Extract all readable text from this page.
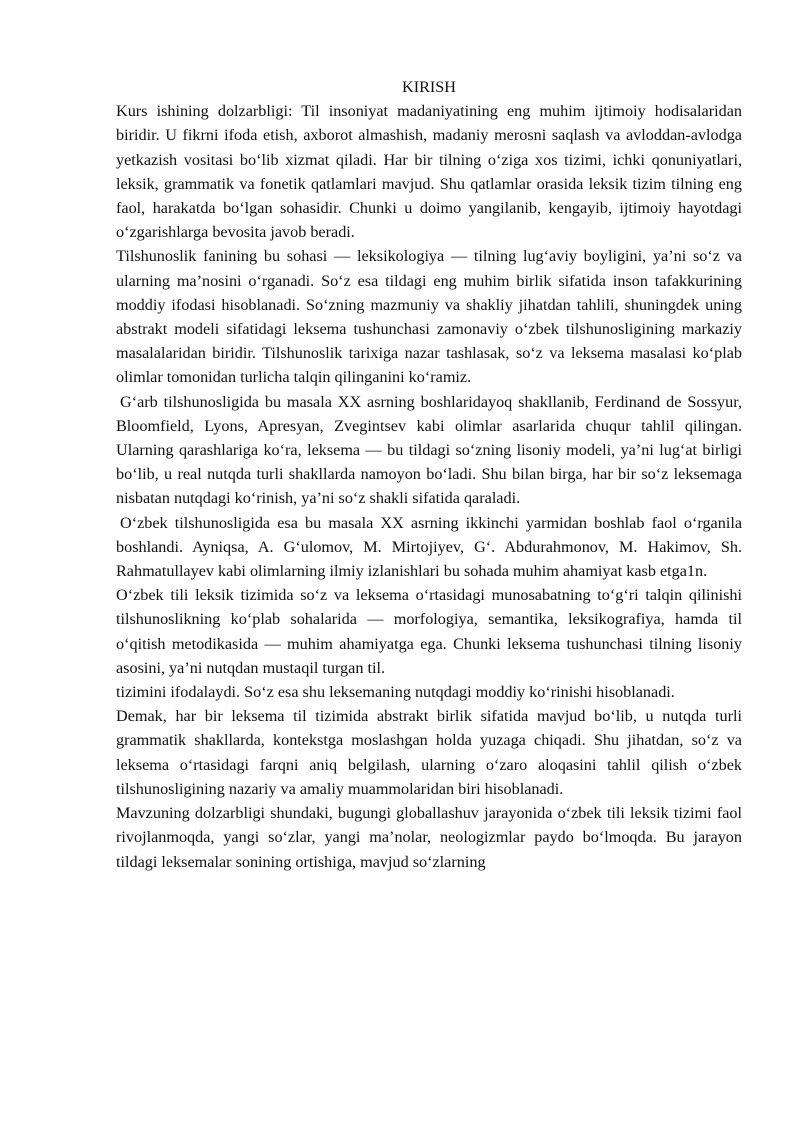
KIRISH

Kurs ishining dolzarbligi: Til insoniyat madaniyatining eng muhim ijtimoiy hodisalaridan biridir. U fikrni ifoda etish, axborot almashish, madaniy merosni saqlash va avloddan-avlodga yetkazish vositasi bo‘lib xizmat qiladi. Har bir tilning o‘ziga xos tizimi, ichki qonuniyatlari, leksik, grammatik va fonetik qatlamlari mavjud. Shu qatlamlar orasida leksik tizim tilning eng faol, harakatda bo‘lgan sohasidir. Chunki u doimo yangilanib, kengayib, ijtimoiy hayotdagi o‘zgarishlarga bevosita javob beradi.

Tilshunoslik fanining bu sohasi — leksikologiya — tilning lug‘aviy boyligini, ya’ni so‘z va ularning ma’nosini o‘rganadi. So‘z esa tildagi eng muhim birlik sifatida inson tafakkurining moddiy ifodasi hisoblanadi. So‘zning mazmuniy va shakliy jihatdan tahlili, shuningdek uning abstrakt modeli sifatidagi leksema tushunchasi zamonaviy o‘zbek tilshunosligining markaziy masalalaridan biridir. Tilshunoslik tarixiga nazar tashlasak, so‘z va leksema masalasi ko‘plab olimlar tomonidan turlicha talqin qilinganini ko‘ramiz.

G‘arb tilshunosligida bu masala XX asrning boshlaridayoq shakllanib, Ferdinand de Sossyur, Bloomfield, Lyons, Apresyan, Zvegintsev kabi olimlar asarlarida chuqur tahlil qilingan. Ularning qarashlariga ko‘ra, leksema — bu tildagi so‘zning lisoniy modeli, ya’ni lug‘at birligi bo‘lib, u real nutqda turli shakllarda namoyon bo‘ladi. Shu bilan birga, har bir so‘z leksemaga nisbatan nutqdagi ko‘rinish, ya’ni so‘z shakli sifatida qaraladi.

O‘zbek tilshunosligida esa bu masala XX asrning ikkinchi yarmidan boshlab faol o‘rganila boshlandi. Ayniqsa, A. G‘ulomov, M. Mirtojiyev, G‘. Abdurahmonov, M. Hakimov, Sh. Rahmatullayev kabi olimlarning ilmiy izlanishlari bu sohada muhim ahamiyat kasb etga1n.

O‘zbek tili leksik tizimida so‘z va leksema o‘rtasidagi munosabatning to‘g‘ri talqin qilinishi tilshunoslikning ko‘plab sohalarida — morfologiya, semantika, leksikografiya, hamda til o‘qitish metodikasida — muhim ahamiyatga ega. Chunki leksema tushunchasi tilning lisoniy asosini, ya’ni nutqdan mustaqil turgan til.

tizimini ifodalaydi. So‘z esa shu leksemaning nutqdagi moddiy ko‘rinishi hisoblanadi.

Demak, har bir leksema til tizimida abstrakt birlik sifatida mavjud bo‘lib, u nutqda turli grammatik shakllarda, kontekstga moslashgan holda yuzaga chiqadi. Shu jihatdan, so‘z va leksema o‘rtasidagi farqni aniq belgilash, ularning o‘zaro aloqasini tahlil qilish o‘zbek tilshunosligining nazariy va amaliy muammolaridan biri hisoblanadi.

Mavzuning dolzarbligi shundaki, bugungi globallashuv jarayonida o‘zbek tili leksik tizimi faol rivojlanmoqda, yangi so‘zlar, yangi ma’nolar, neologizmlar paydo bo‘lmoqda. Bu jarayon tildagi leksemalar sonining ortishiga, mavjud so‘zlarning
